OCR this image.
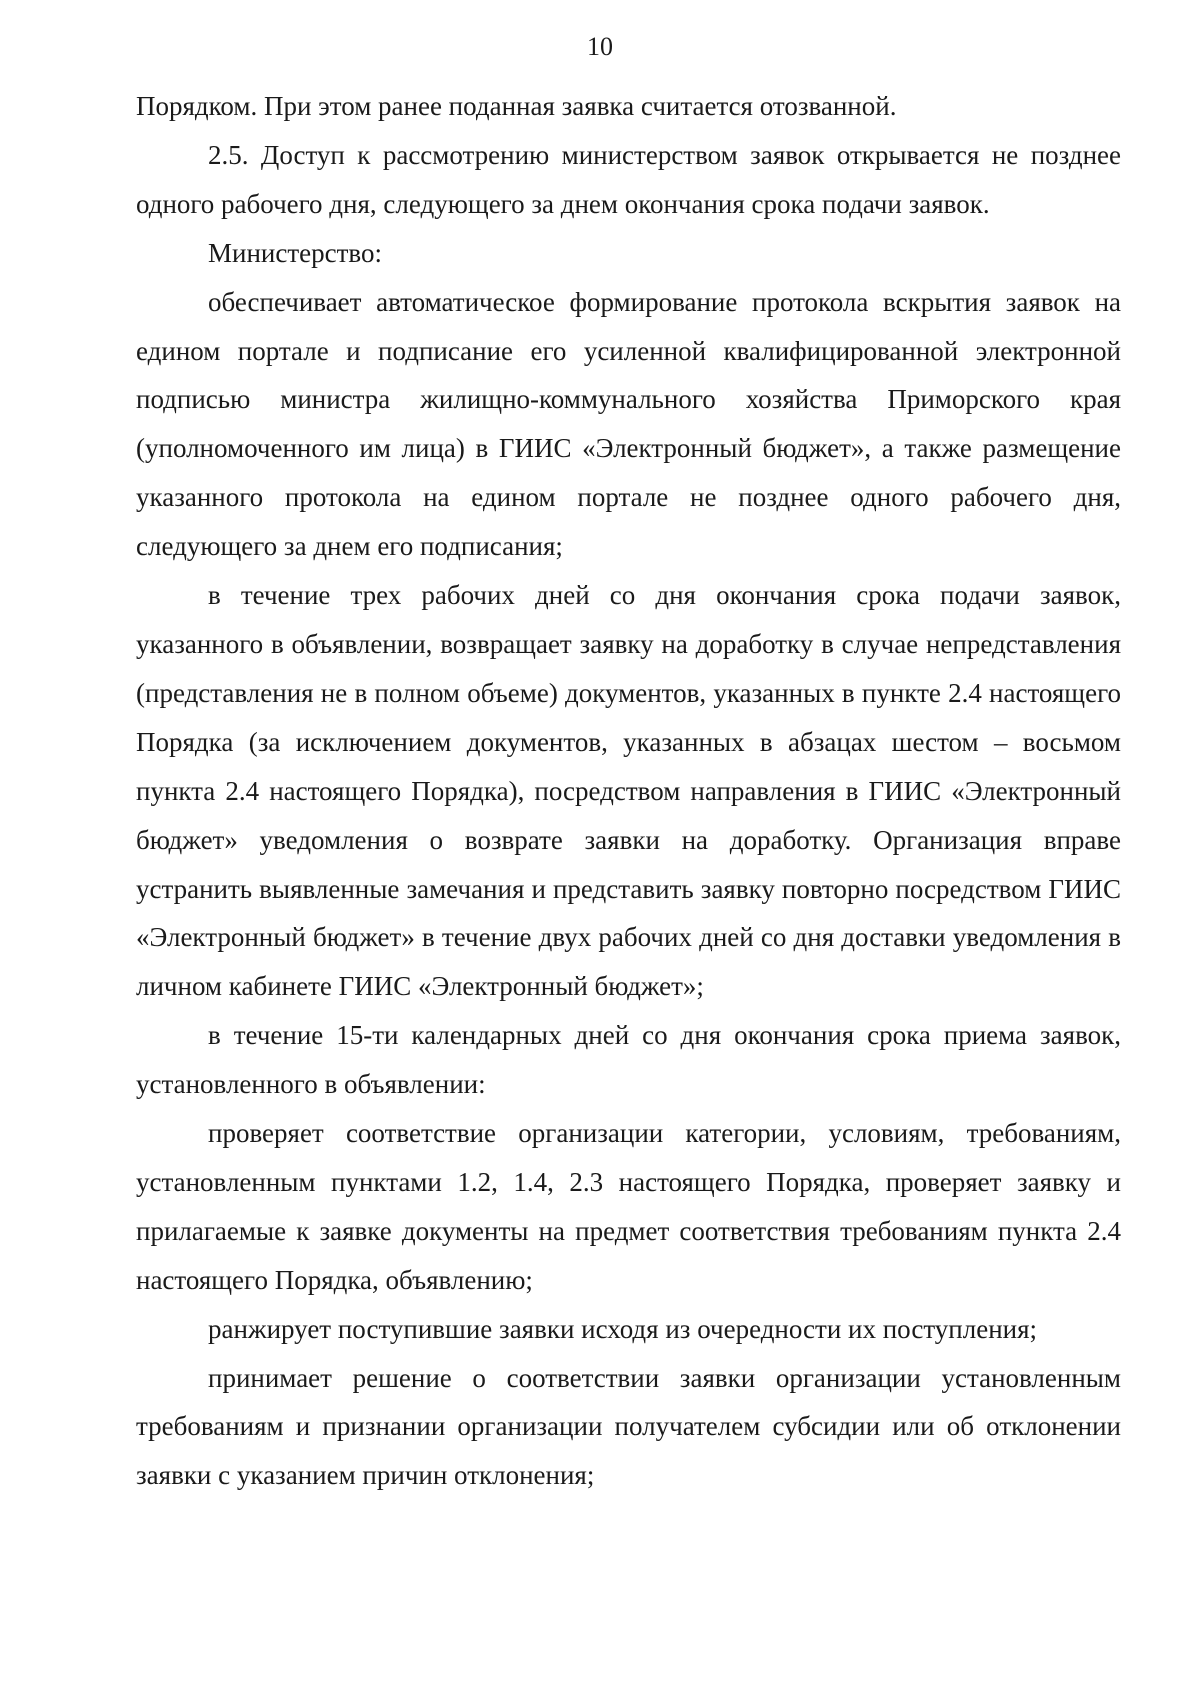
10

Порядком. При этом ранее поданная заявка считается отозванной.

2.5. Доступ к рассмотрению министерством заявок открывается не позднее одного рабочего дня, следующего за днем окончания срока подачи заявок.

Министерство:

обеспечивает автоматическое формирование протокола вскрытия заявок на едином портале и подписание его усиленной квалифицированной электронной подписью министра жилищно-коммунального хозяйства Приморского края (уполномоченного им лица) в ГИИС «Электронный бюджет», а также размещение указанного протокола на едином портале не позднее одного рабочего дня, следующего за днем его подписания;

в течение трех рабочих дней со дня окончания срока подачи заявок, указанного в объявлении, возвращает заявку на доработку в случае непредставления (представления не в полном объеме) документов, указанных в пункте 2.4 настоящего Порядка (за исключением документов, указанных в абзацах шестом – восьмом пункта 2.4 настоящего Порядка), посредством направления в ГИИС «Электронный бюджет» уведомления о возврате заявки на доработку. Организация вправе устранить выявленные замечания и представить заявку повторно посредством ГИИС «Электронный бюджет» в течение двух рабочих дней со дня доставки уведомления в личном кабинете ГИИС «Электронный бюджет»;

в течение 15-ти календарных дней со дня окончания срока приема заявок, установленного в объявлении:

проверяет соответствие организации категории, условиям, требованиям, установленным пунктами 1.2, 1.4, 2.3 настоящего Порядка, проверяет заявку и прилагаемые к заявке документы на предмет соответствия требованиям пункта 2.4 настоящего Порядка, объявлению;

ранжирует поступившие заявки исходя из очередности их поступления;

принимает решение о соответствии заявки организации установленным требованиям и признании организации получателем субсидии или об отклонении заявки с указанием причин отклонения;
